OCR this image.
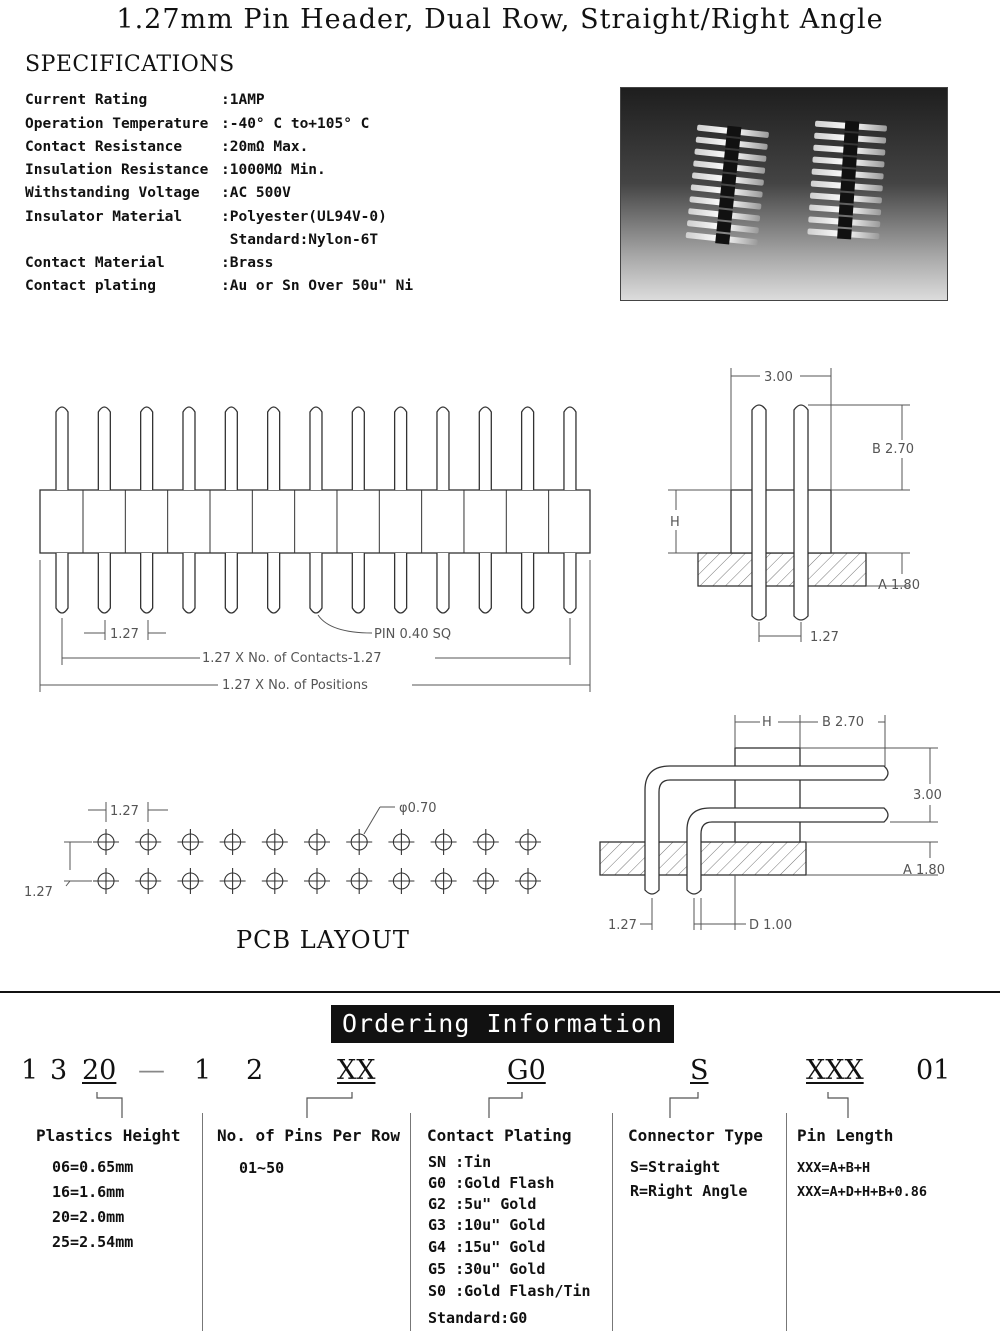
1.27mm Pin Header, Dual Row, Straight/Right Angle
SPECIFICATIONS
Current Rating	:1AMP
Operation Temperature :-40° C to+105° C
Contact Resistance	:20mΩ Max.
Insulation Resistance :1000MΩ Min.
Withstanding Voltage :AC 500V
Insulator Material	:Polyester(UL94V-0)
Standard:Nylon-6T
Contact Material	:Brass
Contact plating	:Au or Sn Over 50u" Ni
1.27	PIN 0.40 SQ
1.27 X No. of Contacts-1.27
1.27 X No. of Positions
3.00
B 2.70
H
A 1.80
1.27
H	B 2.70
3.00
A 1.80
1.27	D 1.00
1.27
1.27
φ0.70
PCB LAYOUT
Ordering Information
1 3 20 — 1 2	XX	G0	S	XXX 01
Plastics Height
06=0.65mm
16=1.6mm
20=2.0mm
25=2.54mm
No. of Pins Per Row
01~50
Contact Plating
SN :Tin
G0 :Gold Flash
G2 :5u" Gold
G3 :10u" Gold
G4 :15u" Gold
G5 :30u" Gold
S0 :Gold Flash/Tin
Standard:G0
Connector Type
S=Straight
R=Right Angle
Pin Length
XXX=A+B+H
XXX=A+D+H+B+0.86
